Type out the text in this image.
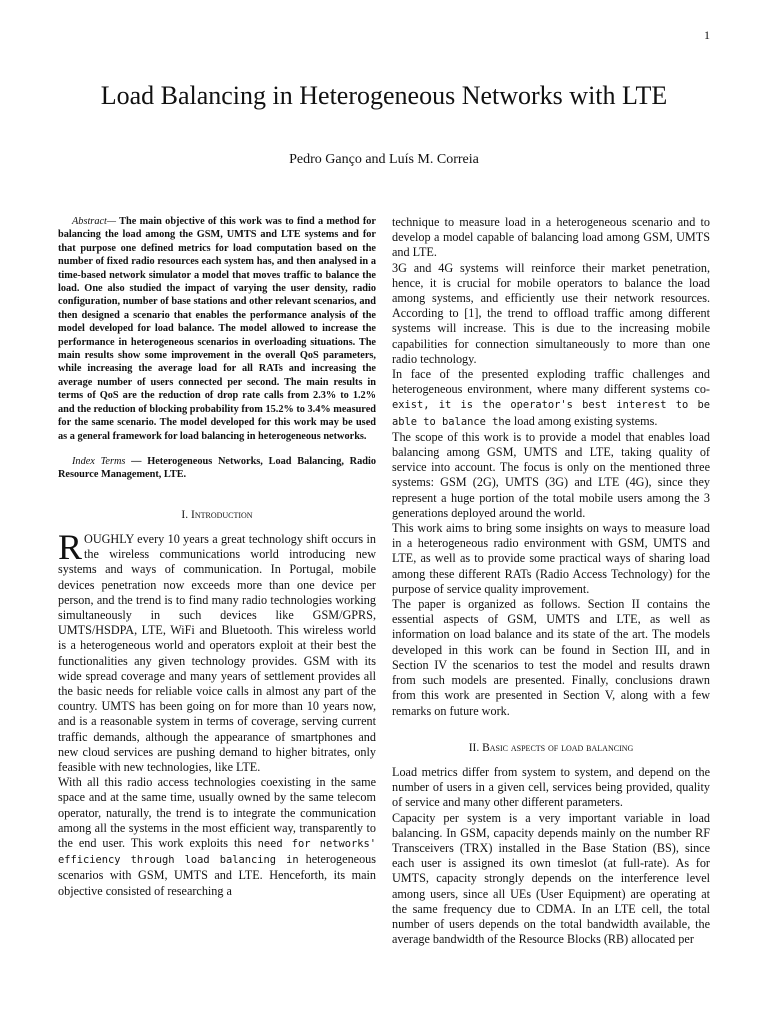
1
Load Balancing in Heterogeneous Networks with LTE
Pedro Ganço and Luís M. Correia

Abstract— The main objective of this work was to find a method for balancing the load among the GSM, UMTS and LTE systems and for that purpose one defined metrics for load computation based on the number of fixed radio resources each system has, and then analysed in a time-based network simulator a model that moves traffic to balance the load. One also studied the impact of varying the user density, radio configuration, number of base stations and other relevant scenarios, and then designed a scenario that enables the performance analysis of the model developed for load balance. The model allowed to increase the performance in heterogeneous scenarios in overloading situations. The main results show some improvement in the overall QoS parameters, while increasing the average load for all RATs and increasing the average number of users connected per second. The main results in terms of QoS are the reduction of drop rate calls from 2.3% to 1.2% and the reduction of blocking probability from 15.2% to 3.4% measured for the same scenario. The model developed for this work may be used as a general framework for load balancing in heterogeneous networks.

Index Terms — Heterogeneous Networks, Load Balancing, Radio Resource Management, LTE.

I. Introduction

ROUGHLY every 10 years a great technology shift occurs in the wireless communications world introducing new systems and ways of communication. In Portugal, mobile devices penetration now exceeds more than one device per person, and the trend is to find many radio technologies working simultaneously in such devices like GSM/GPRS, UMTS/HSDPA, LTE, WiFi and Bluetooth. This wireless world is a heterogeneous world and operators exploit at their best the functionalities any given technology provides. GSM with its wide spread coverage and many years of settlement provides all the basic needs for reliable voice calls in almost any part of the country. UMTS has been going on for more than 10 years now, and is a reasonable system in terms of coverage, serving current traffic demands, although the appearance of smartphones and new cloud services are pushing demand to higher bitrates, only feasible with new technologies, like LTE.

With all this radio access technologies coexisting in the same space and at the same time, usually owned by the same telecom operator, naturally, the trend is to integrate the communication among all the systems in the most efficient way, transparently to the end user. This work exploits this need for networks' efficiency through load balancing in heterogeneous scenarios with GSM, UMTS and LTE. Henceforth, its main objective consisted of researching a

technique to measure load in a heterogeneous scenario and to develop a model capable of balancing load among GSM, UMTS and LTE.

3G and 4G systems will reinforce their market penetration, hence, it is crucial for mobile operators to balance the load among systems, and efficiently use their network resources. According to [1], the trend to offload traffic among different systems will increase. This is due to the increasing mobile capabilities for connection simultaneously to more than one radio technology.

In face of the presented exploding traffic challenges and heterogeneous environment, where many different systems co- exist, it is the operator's best interest to be able to balance the load among existing systems.

The scope of this work is to provide a model that enables load balancing among GSM, UMTS and LTE, taking quality of service into account. The focus is only on the mentioned three systems: GSM (2G), UMTS (3G) and LTE (4G), since they represent a huge portion of the total mobile users among the 3 generations deployed around the world.

This work aims to bring some insights on ways to measure load in a heterogeneous radio environment with GSM, UMTS and LTE, as well as to provide some practical ways of sharing load among these different RATs (Radio Access Technology) for the purpose of service quality improvement.

The paper is organized as follows. Section II contains the essential aspects of GSM, UMTS and LTE, as well as information on load balance and its state of the art. The models developed in this work can be found in Section III, and in Section IV the scenarios to test the model and results drawn from such models are presented. Finally, conclusions drawn from this work are presented in Section V, along with a few remarks on future work.

II. Basic aspects of load balancing

Load metrics differ from system to system, and depend on the number of users in a given cell, services being provided, quality of service and many other different parameters.

Capacity per system is a very important variable in load balancing. In GSM, capacity depends mainly on the number RF Transceivers (TRX) installed in the Base Station (BS), since each user is assigned its own timeslot (at full-rate). As for UMTS, capacity strongly depends on the interference level among users, since all UEs (User Equipment) are operating at the same frequency due to CDMA. In an LTE cell, the total number of users depends on the total bandwidth available, the average bandwidth of the Resource Blocks (RB) allocated per
